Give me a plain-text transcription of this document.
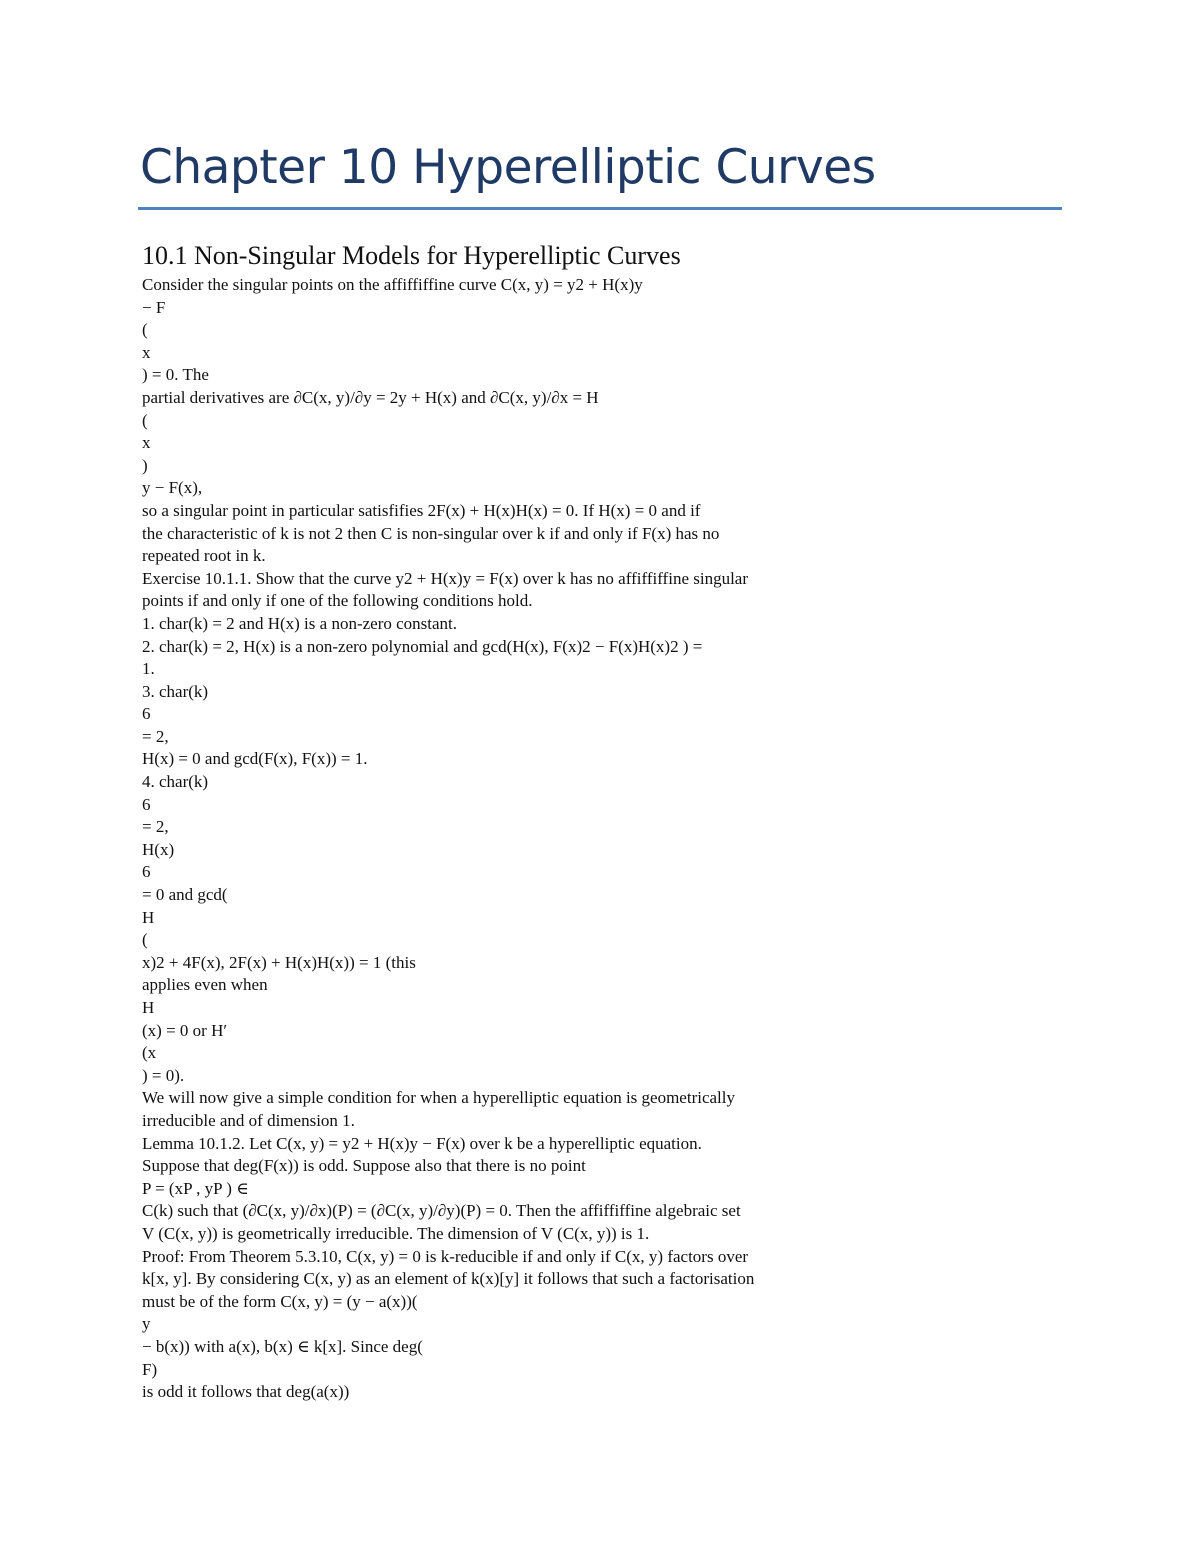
Chapter 10 Hyperelliptic Curves
10.1 Non-Singular Models for Hyperelliptic Curves
Consider the singular points on the affiffiffine curve C(x, y) = y2 + H(x)y
− F
(
x
) = 0. The
partial derivatives are ∂C(x, y)/∂y = 2y + H(x) and ∂C(x, y)/∂x = H
(
x
)
y − F(x),
so a singular point in particular satisfifies 2F(x) + H(x)H(x) = 0. If H(x) = 0 and if
the characteristic of k is not 2 then C is non-singular over k if and only if F(x) has no
repeated root in k.
Exercise 10.1.1. Show that the curve y2 + H(x)y = F(x) over k has no affiffiffine singular
points if and only if one of the following conditions hold.
1. char(k) = 2 and H(x) is a non-zero constant.
2. char(k) = 2, H(x) is a non-zero polynomial and gcd(H(x), F(x)2 − F(x)H(x)2 ) =
1.
3. char(k)
6
= 2,
H(x) = 0 and gcd(F(x), F(x)) = 1.
4. char(k)
6
= 2,
H(x)
6
= 0 and gcd(
H
(
x)2 + 4F(x), 2F(x) + H(x)H(x)) = 1 (this
applies even when
H
(x) = 0 or H′
(x
) = 0).
We will now give a simple condition for when a hyperelliptic equation is geometrically
irreducible and of dimension 1.
Lemma 10.1.2. Let C(x, y) = y2 + H(x)y − F(x) over k be a hyperelliptic equation.
Suppose that deg(F(x)) is odd. Suppose also that there is no point
P = (xP , yP ) ∈
C(k) such that (∂C(x, y)/∂x)(P) = (∂C(x, y)/∂y)(P) = 0. Then the affiffiffine algebraic set
V (C(x, y)) is geometrically irreducible. The dimension of V (C(x, y)) is 1.
Proof: From Theorem 5.3.10, C(x, y) = 0 is k-reducible if and only if C(x, y) factors over
k[x, y]. By considering C(x, y) as an element of k(x)[y] it follows that such a factorisation
must be of the form C(x, y) = (y − a(x))(
y
− b(x)) with a(x), b(x) ∈ k[x]. Since deg(
F)
is odd it follows that deg(a(x))
